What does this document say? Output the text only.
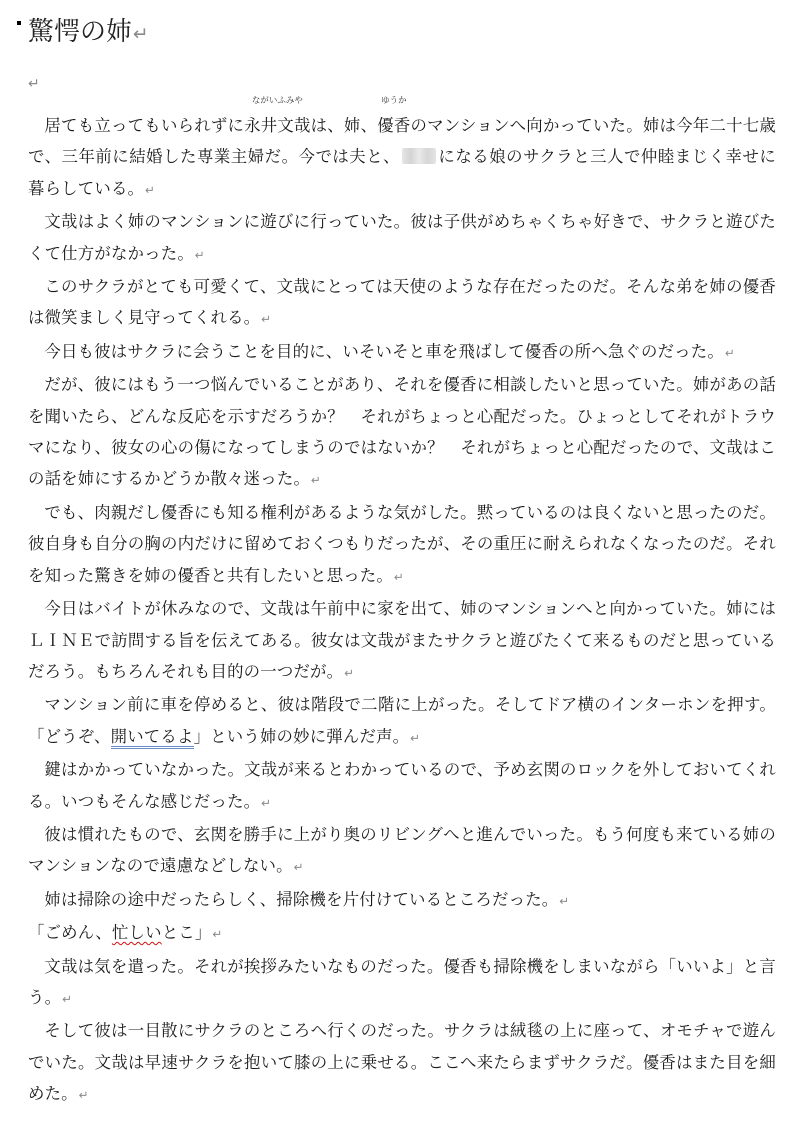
驚愕の姉↵
↵

居ても立ってもいられずに
ながいふみや
永井文哉は、姉、
ゆうか
優香のマンションへ向かっていた。姉は今年二十七歳で、三年前に結婚した専業主婦だ。今では夫と、 になる娘のサクラと三人で仲睦まじく幸せに暮らしている。↵

文哉はよく姉のマンションに遊びに行っていた。彼は子供がめちゃくちゃ好きで、サクラと遊びたくて仕方がなかった。↵

このサクラがとても可愛くて、文哉にとっては天使のような存在だったのだ。そんな弟を姉の優香は微笑ましく見守ってくれる。↵

今日も彼はサクラに会うことを目的に、いそいそと車を飛ばして優香の所へ急ぐのだった。↵

だが、彼にはもう一つ悩んでいることがあり、それを優香に相談したいと思っていた。姉があの話を聞いたら、どんな反応を示すだろうか？　それがちょっと心配だった。ひょっとしてそれがトラウマになり、彼女の心の傷になってしまうのではないか？　それがちょっと心配だったので、文哉はこの話を姉にするかどうか散々迷った。↵

でも、肉親だし優香にも知る権利があるような気がした。黙っているのは良くないと思ったのだ。彼自身も自分の胸の内だけに留めておくつもりだったが、その重圧に耐えられなくなったのだ。それを知った驚きを姉の優香と共有したいと思った。↵

今日はバイトが休みなので、文哉は午前中に家を出て、姉のマンションへと向かっていた。姉にはＬＩＮＥで訪問する旨を伝えてある。彼女は文哉がまたサクラと遊びたくて来るものだと思っているだろう。もちろんそれも目的の一つだが。↵

マンション前に車を停めると、彼は階段で二階に上がった。そしてドア横のインターホンを押す。「どうぞ、開いてるよ」という姉の妙に弾んだ声。↵

鍵はかかっていなかった。文哉が来るとわかっているので、予め玄関のロックを外しておいてくれる。いつもそんな感じだった。↵

彼は慣れたもので、玄関を勝手に上がり奥のリビングへと進んでいった。もう何度も来ている姉のマンションなので遠慮などしない。↵

姉は掃除の途中だったらしく、掃除機を片付けているところだった。↵

「ごめん、忙しいとこ」↵

文哉は気を遣った。それが挨拶みたいなものだった。優香も掃除機をしまいながら「いいよ」と言う。↵

そして彼は一目散にサクラのところへ行くのだった。サクラは絨毯の上に座って、オモチャで遊んでいた。文哉は早速サクラを抱いて膝の上に乗せる。ここへ来たらまずサクラだ。優香はまた目を細めた。↵
